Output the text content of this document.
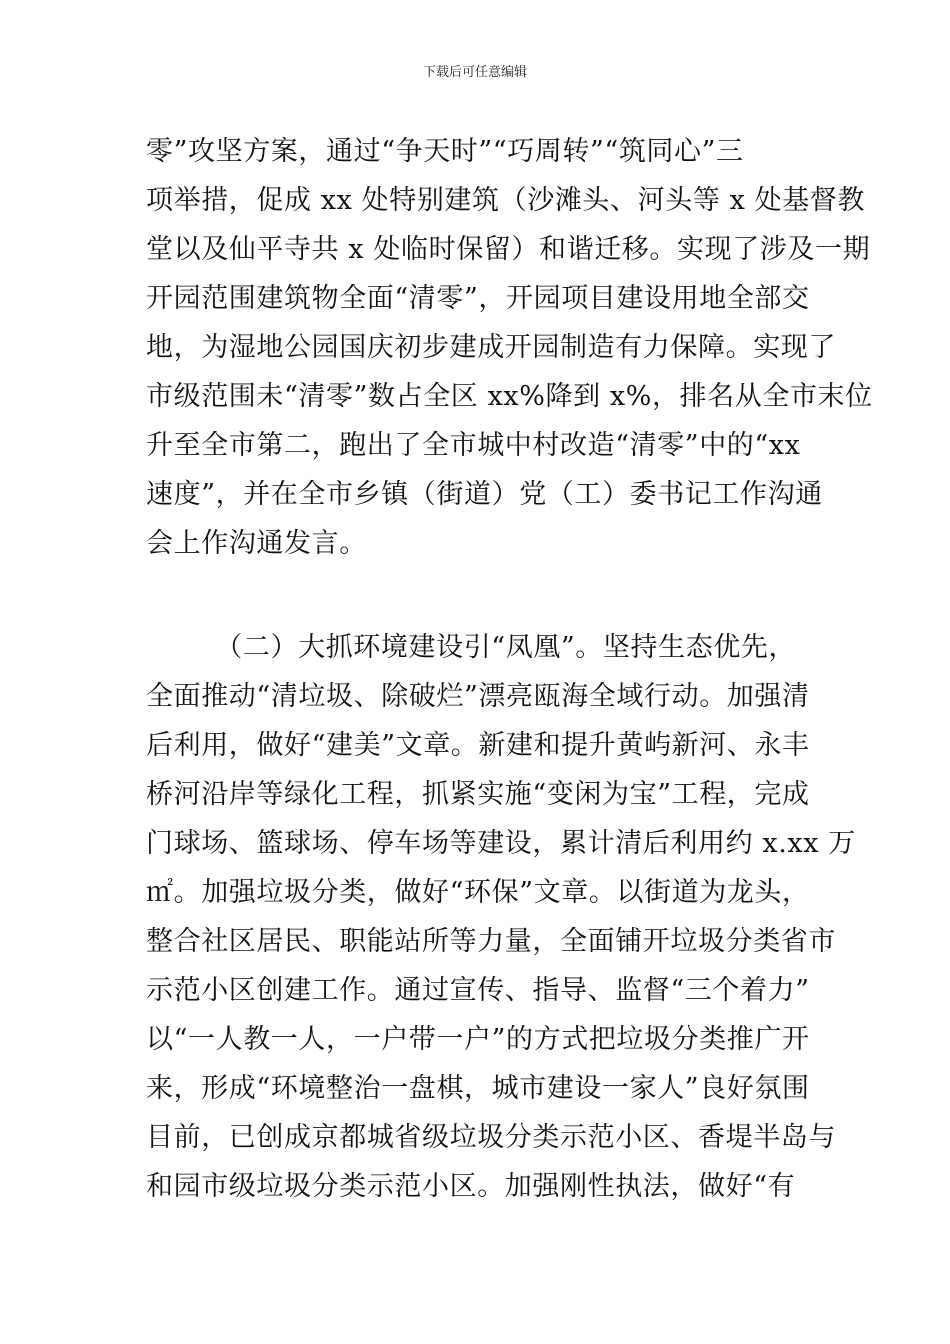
下载后可任意编辑
零”攻坚方案，通过“争天时”“巧周转”“筑同心”三
项举措，促成 xx 处特别建筑（沙滩头、河头等 x 处基督教
堂以及仙平寺共 x 处临时保留）和谐迁移。实现了涉及一期
开园范围建筑物全面“清零”，开园项目建设用地全部交
地，为湿地公园国庆初步建成开园制造有力保障。实现了
市级范围未“清零”数占全区 xx%降到 x%，排名从全市末位
升至全市第二，跑出了全市城中村改造“清零”中的“xx
速度”，并在全市乡镇（街道）党（工）委书记工作沟通
会上作沟通发言。
　　　（二）大抓环境建设引“凤凰”。坚持生态优先，
全面推动“清垃圾、除破烂”漂亮瓯海全域行动。加强清
后利用，做好“建美”文章。新建和提升黄屿新河、永丰
桥河沿岸等绿化工程，抓紧实施“变闲为宝”工程，完成
门球场、篮球场、停车场等建设，累计清后利用约 x.xx 万
㎡。加强垃圾分类，做好“环保”文章。以街道为龙头，
整合社区居民、职能站所等力量，全面铺开垃圾分类省市
示范小区创建工作。通过宣传、指导、监督“三个着力”
以“一人教一人，一户带一户”的方式把垃圾分类推广开
来，形成“环境整治一盘棋，城市建设一家人”良好氛围
目前，已创成京都城省级垃圾分类示范小区、香堤半岛与
和园市级垃圾分类示范小区。加强刚性执法，做好“有
